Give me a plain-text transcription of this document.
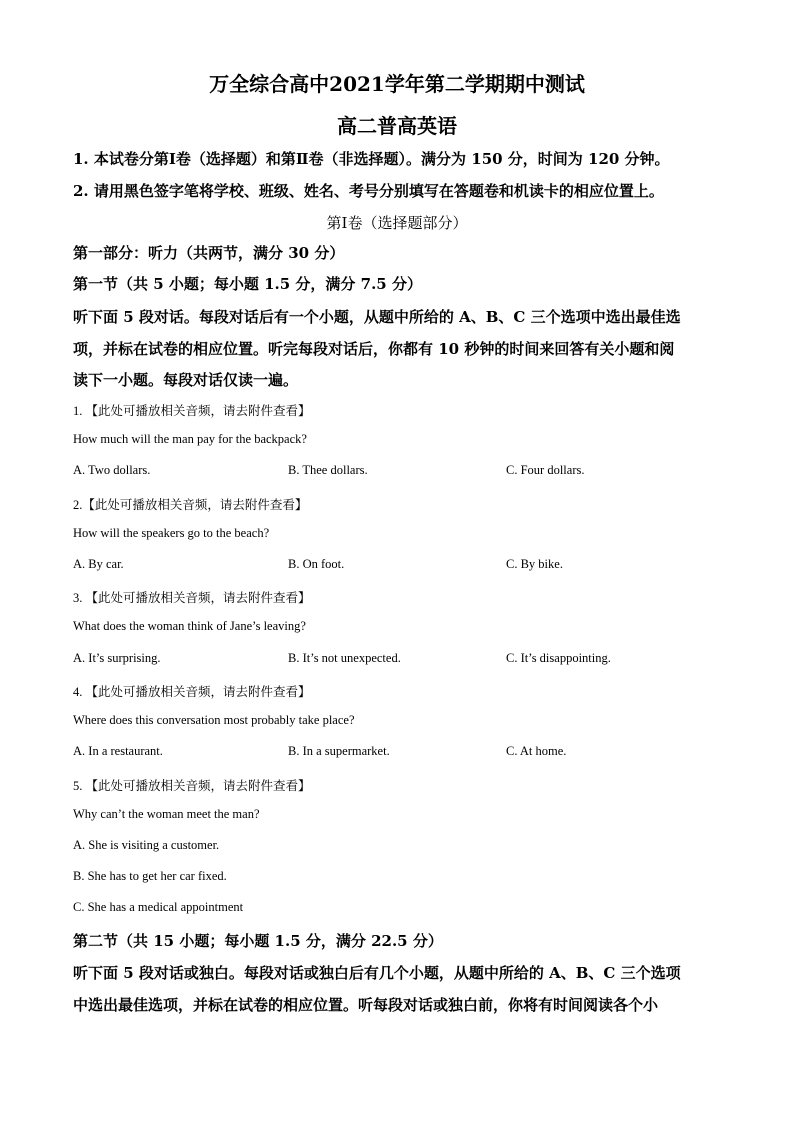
万全综合高中2021学年第二学期期中测试
高二普高英语
1. 本试卷分第Ⅰ卷（选择题）和第Ⅱ卷（非选择题）。满分为 150 分，时间为 120 分钟。
2. 请用黑色签字笔将学校、班级、姓名、考号分别填写在答题卷和机读卡的相应位置上。
第Ⅰ卷（选择题部分）
第一部分：听力（共两节，满分 30 分）
第一节（共 5 小题；每小题 1.5 分，满分 7.5 分）
听下面 5 段对话。每段对话后有一个小题，从题中所给的 A、B、C 三个选项中选出最佳选
项，并标在试卷的相应位置。听完每段对话后，你都有 10 秒钟的时间来回答有关小题和阅
读下一小题。每段对话仅读一遍。
1. 【此处可播放相关音频，请去附件查看】
How much will the man pay for the backpack?
A. Two dollars.	B. Thee dollars.	C. Four dollars.
2.【此处可播放相关音频，请去附件查看】
How will the speakers go to the beach?
A. By car.	B. On foot.	C. By bike.
3. 【此处可播放相关音频，请去附件查看】
What does the woman think of Jane’s leaving?
A. It’s surprising.	B. It’s not unexpected.	C. It’s disappointing.
4. 【此处可播放相关音频，请去附件查看】
Where does this conversation most probably take place?
A. In a restaurant.	B. In a supermarket.	C. At home.
5. 【此处可播放相关音频，请去附件查看】
Why can’t the woman meet the man?
A. She is visiting a customer.
B. She has to get her car fixed.
C. She has a medical appointment
第二节（共 15 小题；每小题 1.5 分，满分 22.5 分）
听下面 5 段对话或独白。每段对话或独白后有几个小题，从题中所给的 A、B、C 三个选项
中选出最佳选项，并标在试卷的相应位置。听每段对话或独白前，你将有时间阅读各个小
